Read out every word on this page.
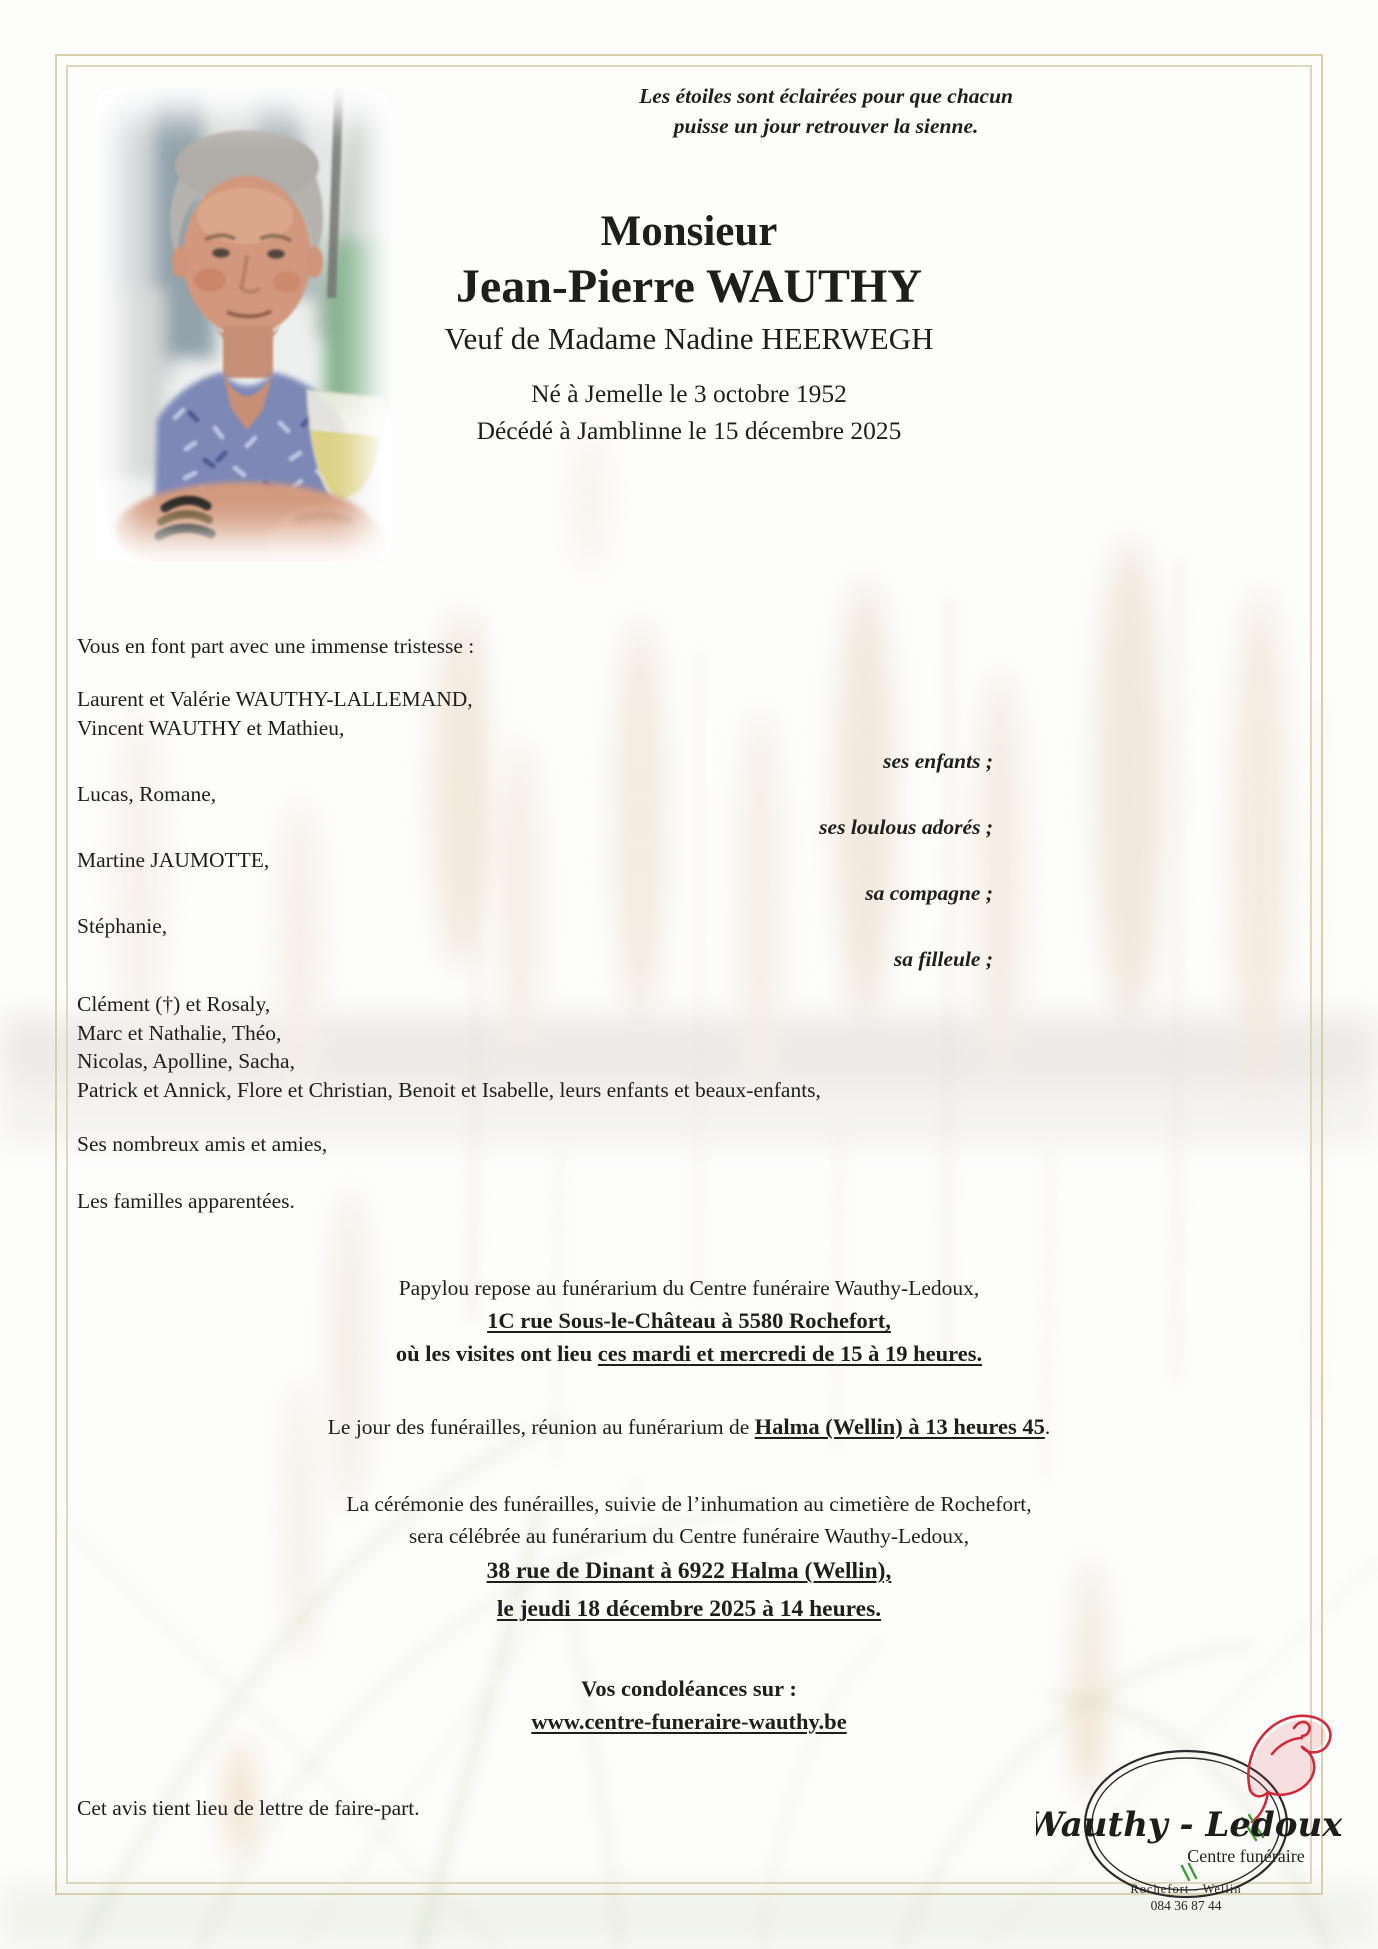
Les étoiles sont éclairées pour que chacun
puisse un jour retrouver la sienne.
Monsieur
Jean-Pierre WAUTHY
Veuf de Madame Nadine HEERWEGH
Né à Jemelle le 3 octobre 1952
Décédé à Jamblinne le 15 décembre 2025
Vous en font part avec une immense tristesse :
Laurent et Valérie WAUTHY-LALLEMAND,
Vincent WAUTHY et Mathieu,
ses enfants ;
Lucas, Romane,
ses loulous adorés ;
Martine JAUMOTTE,
sa compagne ;
Stéphanie,
sa filleule ;
Clément (†) et Rosaly,
Marc et Nathalie, Théo,
Nicolas, Apolline, Sacha,
Patrick et Annick, Flore et Christian, Benoit et Isabelle, leurs enfants et beaux-enfants,
Ses nombreux amis et amies,
Les familles apparentées.
Papylou repose au funérarium du Centre funéraire Wauthy-Ledoux,
1C rue Sous-le-Château à 5580 Rochefort,
où les visites ont lieu ces mardi et mercredi de 15 à 19 heures.
Le jour des funérailles, réunion au funérarium de Halma (Wellin) à 13 heures 45.
La cérémonie des funérailles, suivie de l’inhumation au cimetière de Rochefort,
sera célébrée au funérarium du Centre funéraire Wauthy-Ledoux,
38 rue de Dinant à 6922 Halma (Wellin),
le jeudi 18 décembre 2025 à 14 heures.
Vos condoléances sur :
www.centre-funeraire-wauthy.be
Cet avis tient lieu de lettre de faire-part.	Wauthy - Ledoux
Centre funéraire
Rochefort - Wellin
084 36 87 44
